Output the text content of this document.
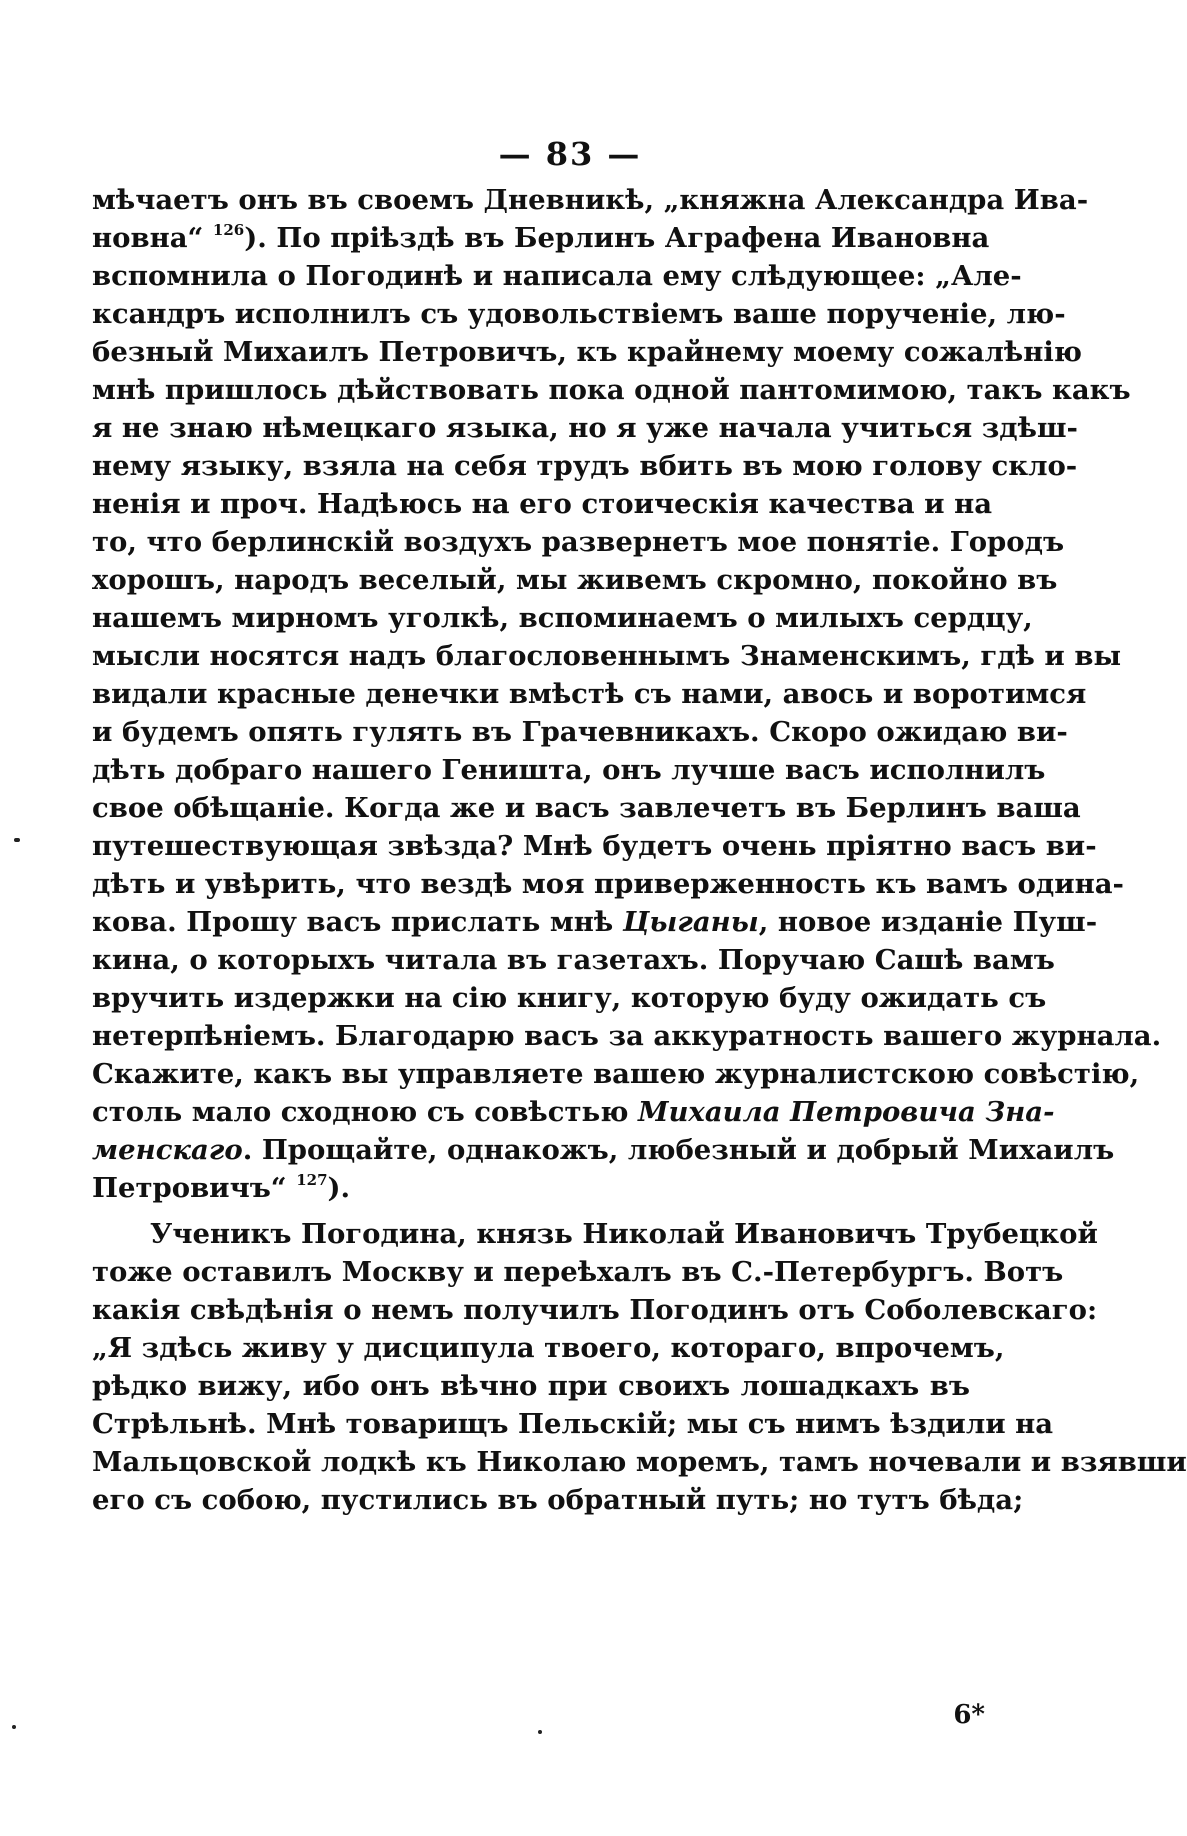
— 83 —
мѣчаетъ онъ въ своемъ Дневникѣ, „княжна Александра Ива-
новна“ $^{126}$). По пріѣздѣ въ Берлинъ Аграфена Ивановна
вспомнила о Погодинѣ и написала ему слѣдующее: „Але-
ксандръ исполнилъ съ удовольствіемъ ваше порученіе, лю-
безный Михаилъ Петровичъ, къ крайнему моему сожалѣнію
мнѣ пришлось дѣйствовать пока одной пантомимою, такъ какъ
я не знаю нѣмецкаго языка, но я уже начала учиться здѣш-
нему языку, взяла на себя трудъ вбить въ мою голову скло-
ненія и проч. Надѣюсь на его стоическія качества и на
то, что берлинскій воздухъ развернетъ мое понятіе. Городъ
хорошъ, народъ веселый, мы живемъ скромно, покойно въ
нашемъ мирномъ уголкѣ, вспоминаемъ о милыхъ сердцу,
мысли носятся надъ благословеннымъ Знаменскимъ, гдѣ и вы
видали красные денечки вмѣстѣ съ нами, авось и воротимся
и будемъ опять гулять въ Грачевникахъ. Скоро ожидаю ви-
дѣть добраго нашего Геништа, онъ лучше васъ исполнилъ
свое обѣщаніе. Когда же и васъ завлечетъ въ Берлинъ ваша
путешествующая звѣзда? Мнѣ будетъ очень пріятно васъ ви-
дѣть и увѣрить, что вездѣ моя приверженность къ вамъ одина-
кова. Прошу васъ прислать мнѣ Цыганы, новое изданіе Пуш-
кина, о которыхъ читала въ газетахъ. Поручаю Сашѣ вамъ
вручить издержки на сію книгу, которую буду ожидать съ
нетерпѣніемъ. Благодарю васъ за аккуратность вашего журнала.
Скажите, какъ вы управляете вашею журналистскою совѣстію,
столь мало сходною съ совѣстью Михаила Петровича Зна-
менскаго. Прощайте, однакожъ, любезный и добрый Михаилъ
Петровичъ“ $^{127}$).
Ученикъ Погодина, князь Николай Ивановичъ Трубецкой
тоже оставилъ Москву и переѣхалъ въ С.-Петербургъ. Вотъ
какія свѣдѣнія о немъ получилъ Погодинъ отъ Соболевскаго:
„Я здѣсь живу у дисципула твоего, котораго, впрочемъ,
рѣдко вижу, ибо онъ вѣчно при своихъ лошадкахъ въ
Стрѣльнѣ. Мнѣ товарищъ Пельскій; мы съ нимъ ѣздили на
Мальцовской лодкѣ къ Николаю моремъ, тамъ ночевали и взявши
его съ собою, пустились въ обратный путь; но тутъ бѣда;
6*
